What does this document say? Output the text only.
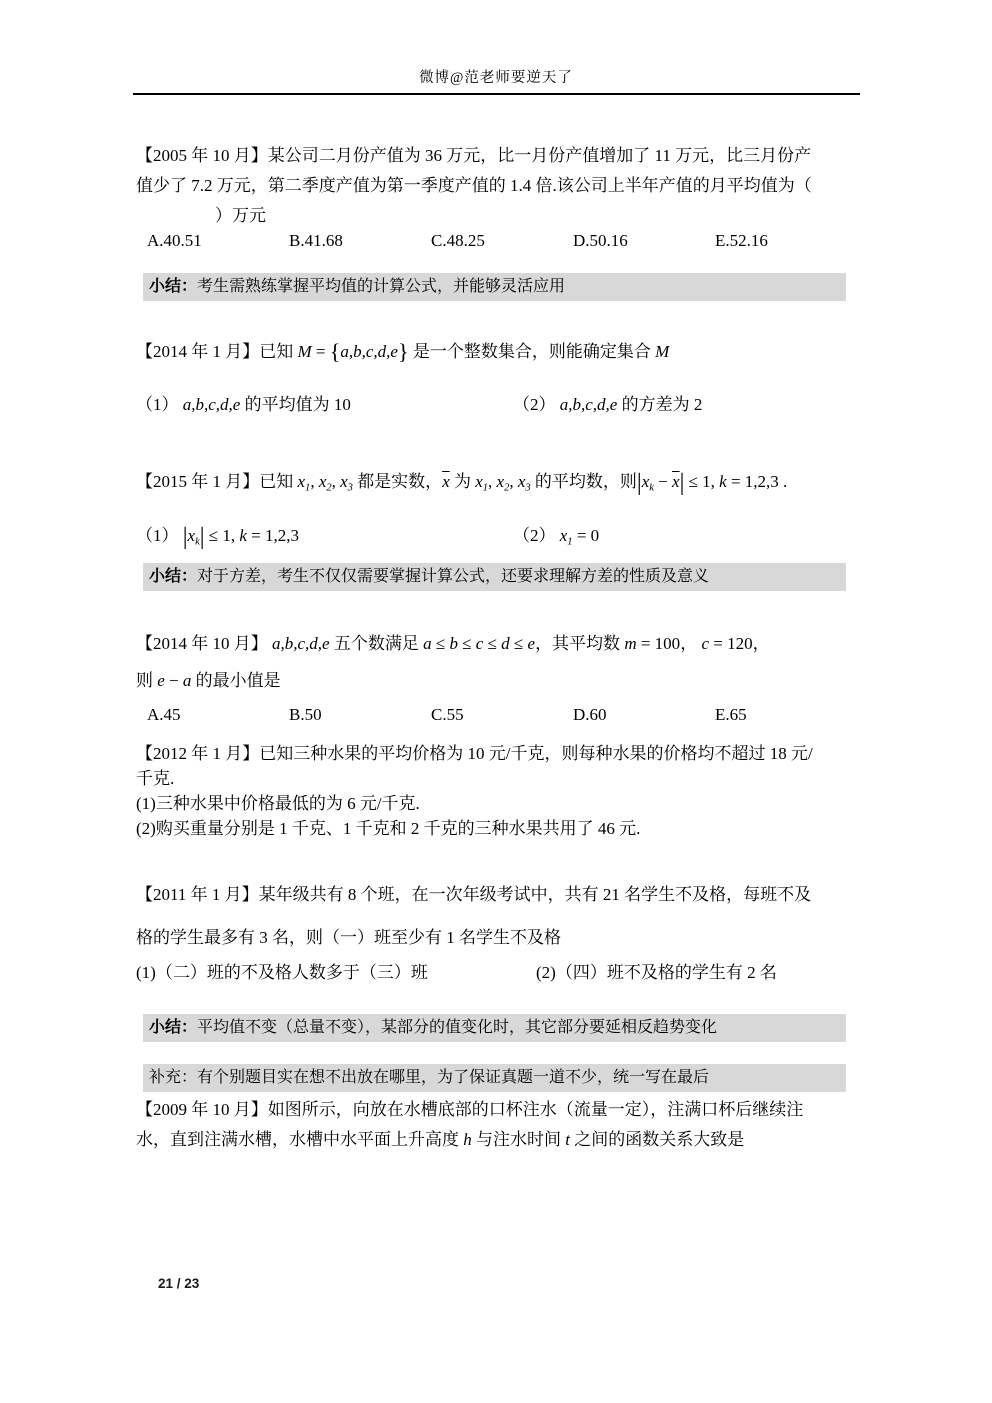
微博@范老师要逆天了
【2005 年 10 月】某公司二月份产值为 36 万元，比一月份产值增加了 11 万元，比三月份产
值少了 7.2 万元，第二季度产值为第一季度产值的 1.4 倍.该公司上半年产值的月平均值为（
）万元
A.40.51	B.41.68	C.48.25	D.50.16	E.52.16
小结：考生需熟练掌握平均值的计算公式，并能够灵活应用
【2014 年 1 月】已知 M = {a,b,c,d,e} 是一个整数集合，则能确定集合 M
（1） a,b,c,d,e 的平均值为 10	（2） a,b,c,d,e 的方差为 2
【2015 年 1 月】已知 $x_1$, $x_2$, $x_3$ 都是实数，$\overline{x}$ 为 $x_1$, $x_2$, $x_3$ 的平均数，则$|x_k - \overline{x}| \le 1$, k = 1,2,3 .
（1） $|x_k| \le 1$, k = 1,2,3	（2） $x_1 = 0$
小结：对于方差，考生不仅仅需要掌握计算公式，还要求理解方差的性质及意义
【2014 年 10 月】 a,b,c,d,e 五个数满足 a ≤ b ≤ c ≤ d ≤ e，其平均数 m = 100， c = 120，
则 e − a 的最小值是
A.45	B.50	C.55	D.60	E.65
【2012 年 1 月】已知三种水果的平均价格为 10 元/千克，则每种水果的价格均不超过 18 元/
千克.
(1)三种水果中价格最低的为 6 元/千克.
(2)购买重量分别是 1 千克、1 千克和 2 千克的三种水果共用了 46 元.
【2011 年 1 月】某年级共有 8 个班，在一次年级考试中，共有 21 名学生不及格，每班不及
格的学生最多有 3 名，则（一）班至少有 1 名学生不及格
(1)（二）班的不及格人数多于（三）班	(2)（四）班不及格的学生有 2 名
小结：平均值不变（总量不变），某部分的值变化时，其它部分要延相反趋势变化
补充：有个别题目实在想不出放在哪里，为了保证真题一道不少，统一写在最后
【2009 年 10 月】如图所示，向放在水槽底部的口杯注水（流量一定），注满口杯后继续注
水，直到注满水槽，水槽中水平面上升高度 h 与注水时间 t 之间的函数关系大致是
21 / 23
